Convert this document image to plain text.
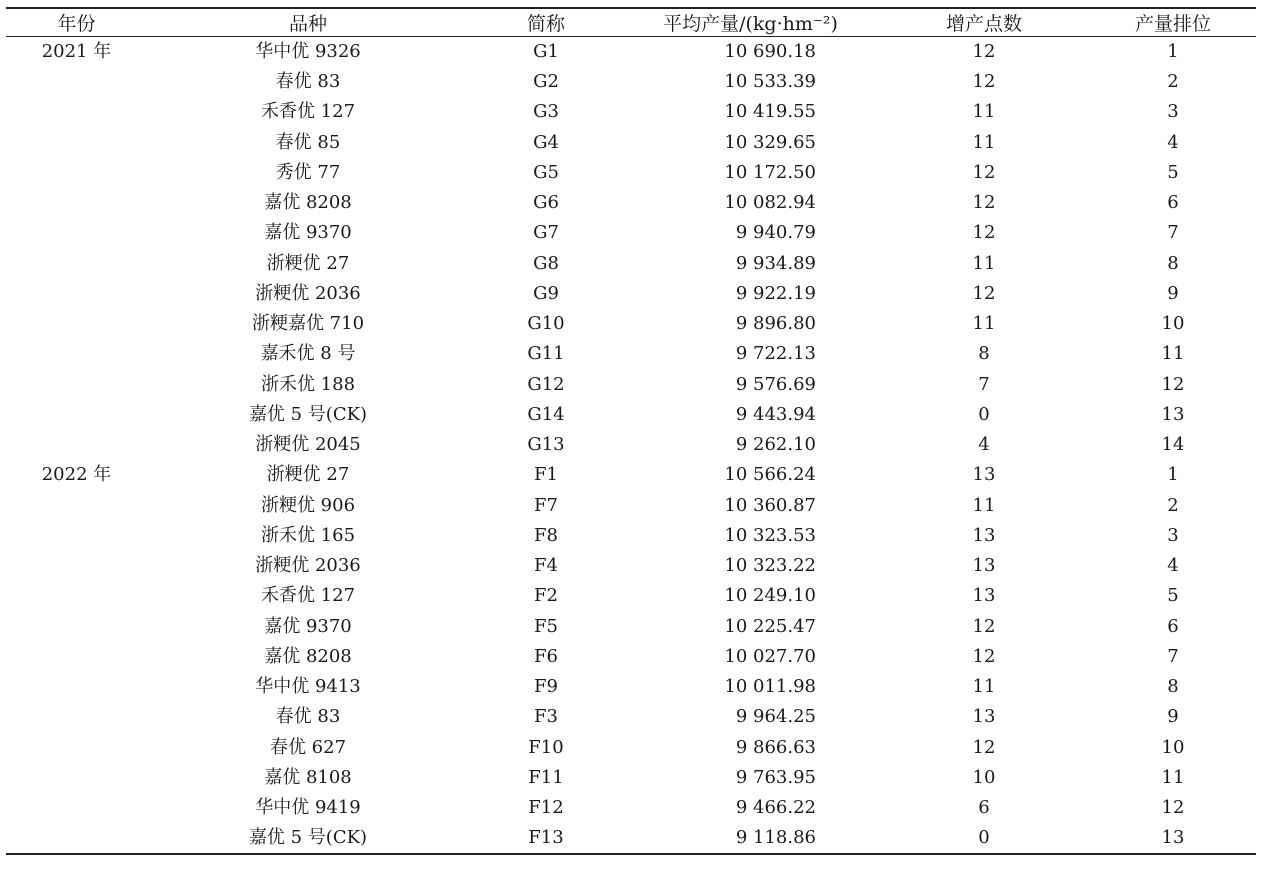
年份	品种	简称	平均产量/(kg·hm⁻²)	增产点数	产量排位
2021 年	华中优 9326	G1	10 690.18	12	1
	春优 83	G2	10 533.39	12	2
	禾香优 127	G3	10 419.55	11	3
	春优 85	G4	10 329.65	11	4
	秀优 77	G5	10 172.50	12	5
	嘉优 8208	G6	10 082.94	12	6
	嘉优 9370	G7	9 940.79	12	7
	浙粳优 27	G8	9 934.89	11	8
	浙粳优 2036	G9	9 922.19	12	9
	浙粳嘉优 710	G10	9 896.80	11	10
	嘉禾优 8 号	G11	9 722.13	8	11
	浙禾优 188	G12	9 576.69	7	12
	嘉优 5 号(CK)	G14	9 443.94	0	13
	浙粳优 2045	G13	9 262.10	4	14
2022 年	浙粳优 27	F1	10 566.24	13	1
	浙粳优 906	F7	10 360.87	11	2
	浙禾优 165	F8	10 323.53	13	3
	浙粳优 2036	F4	10 323.22	13	4
	禾香优 127	F2	10 249.10	13	5
	嘉优 9370	F5	10 225.47	12	6
	嘉优 8208	F6	10 027.70	12	7
	华中优 9413	F9	10 011.98	11	8
	春优 83	F3	9 964.25	13	9
	春优 627	F10	9 866.63	12	10
	嘉优 8108	F11	9 763.95	10	11
	华中优 9419	F12	9 466.22	6	12
	嘉优 5 号(CK)	F13	9 118.86	0	13
